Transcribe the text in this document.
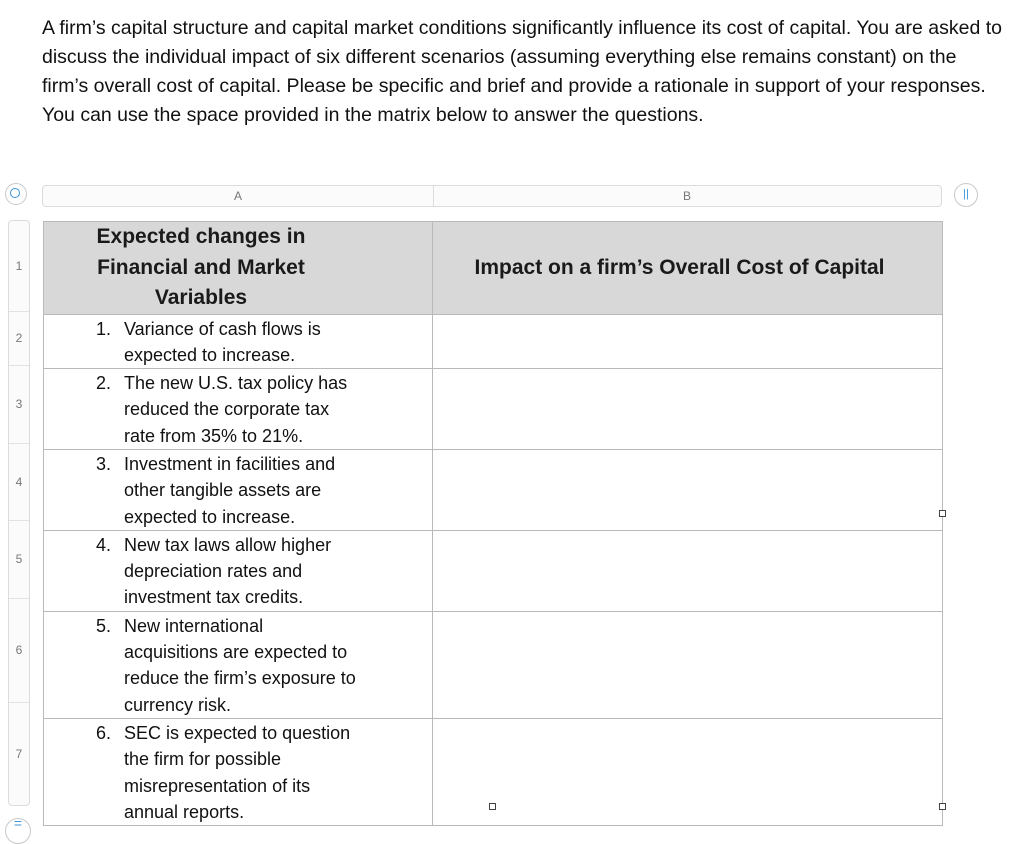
A firm’s capital structure and capital market conditions significantly influence its cost of capital. You are asked to discuss the individual impact of six different scenarios (assuming everything else remains constant) on the firm’s overall cost of capital. Please be specific and brief and provide a rationale in support of your responses. You can use the space provided in the matrix below to answer the questions.

A	B	||
1
2
3
4
5
6
7
=
Expected changes in Financial and Market Variables	Impact on a firm’s Overall Cost of Capital

1. Variance of cash flows is expected to increase.	

2. The new U.S. tax policy has reduced the corporate tax rate from 35% to 21%.	

3. Investment in facilities and other tangible assets are expected to increase.	

4. New tax laws allow higher depreciation rates and investment tax credits.	

5. New international acquisitions are expected to reduce the firm’s exposure to currency risk.	

6. SEC is expected to question the firm for possible misrepresentation of its annual reports.	
